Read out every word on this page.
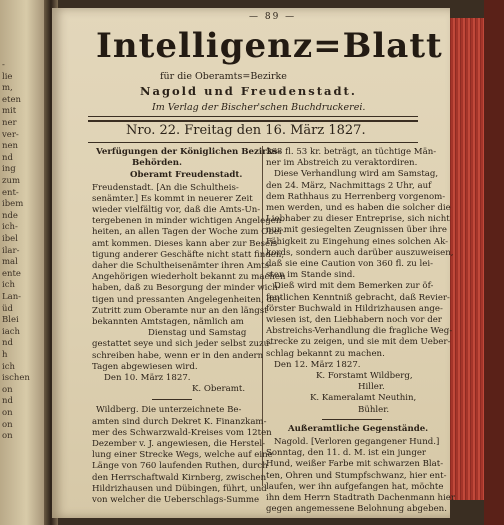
-
lie
m,
eten
mit
ner
ver-
nen
nd
ing
zum
ent-
ibem
nde
ich-
ibel
ilar-
mal
ente
ich
Lan-
üd
Blei
iach
nd
h
ich
ischen
on
nd
on
on
on
— 89 —
Intelligenz=Blatt
für die Oberamts=Bezirke
Nagold und Freudenstadt.
Im Verlag der Bischer'schen Buchdruckerei.
Nro. 22. Freitag den 16. März 1827.
Verfügungen der Königlichen Bezirks-
Behörden.
Oberamt Freudenstadt.
Freudenstadt. [An die Schultheis-
senämter.] Es kommt in neuerer Zeit
wieder vielfältig vor, daß die Amts-Un-
tergebenen in minder wichtigen Angelegen-
heiten, an allen Tagen der Woche zum Ober-
amt kommen. Dieses kann aber zur Beseis-
tigung anderer Geschäfte nicht statt finden,
daher die Schultheisenämter ihren Amts-
Angehörigen wiederholt bekannt zu machen
haben, daß zu Besorgung der minder wich-
tigen und pressanten Angelegenheiten, der
Zutritt zum Oberamte nur an den längst
bekannten Amtstagen, nämlich am
Dienstag und Samstag
gestattet seye und sich jeder selbst zuzu-
schreiben habe, wenn er in den andern
Tagen abgewiesen wird.
Den 10. März 1827.
K. Oberamt.
Wildberg. Die unterzeichnete Be-
amten sind durch Dekret K. Finanzkam-
mer des Schwarzwald-Kreises vom 12ten
Dezember v. J. angewiesen, die Herstel-
lung einer Strecke Wegs, welche auf eine
Länge von 760 laufenden Ruthen, durch
den Herrschaftwald Kirnberg, zwischen
Hildrizhausen und Dübingen, führt, und
von welcher die Ueberschlags-Summe
368 fl. 53 kr. beträgt, an tüchtige Män-
ner im Abstreich zu veraktordiren.
Diese Verhandlung wird am Samstag,
den 24. März, Nachmittags 2 Uhr, auf
dem Rathhaus zu Herrenberg vorgenom-
men werden, und es haben die solcher die
Liebhaber zu dieser Entreprise, sich nicht
nur mit gesiegelten Zeugnissen über ihre
Fähigkeit zu Eingehung eines solchen Ak-
kords, sondern auch darüber auszuweisen,
daß sie eine Caution von 360 fl. zu lei-
sten im Stande sind.
Dieß wird mit dem Bemerken zur öf-
fentlichen Kenntniß gebracht, daß Revier-
förster Buchwald in Hildrizhausen ange-
wiesen ist, den Liebhabern noch vor der
Abstreichs-Verhandlung die fragliche Weg-
strecke zu zeigen, und sie mit dem Ueber-
schlag bekannt zu machen.
Den 12. März 1827.
K. Forstamt Wildberg,
Hiller.
K. Kameralamt Neuthin,
Bühler.
Außeramtliche Gegenstände.
Nagold. [Verloren gegangener Hund.]
Sonntag, den 11. d. M. ist ein junger
Hund, weißer Farbe mit schwarzen Blat-
ten, Ohren und Stumpfschwanz, hier ent-
laufen, wer ihn aufgefangen hat, möchte
ihn dem Herrn Stadtrath Dachenmann hier
gegen angemessene Belohnung abgeben.
